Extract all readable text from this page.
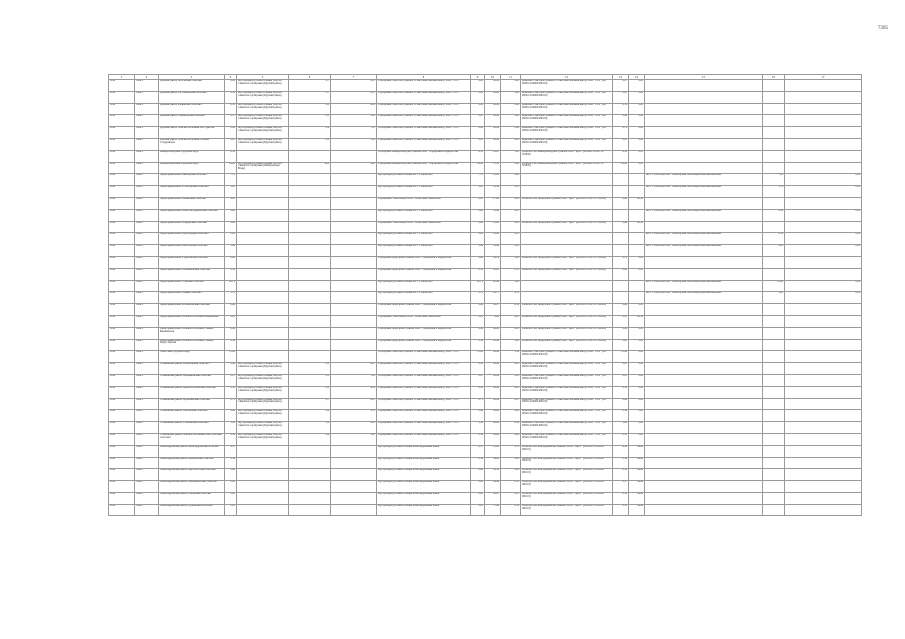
7395
1	2	3	4	5	6	7	8	9	10	11	12	13	14	15	16	17
2020	Зона 2	Курский район, Полтавский сельсовет	0,00	Мусороперегрузочная станция ТКО без элементов сортировки (Курский район)	0,7	41,5	Сортировка Советского района, г.Советский опытный центр, ООО "СТО"	0,00	82,24	0,00	Комплекс Советского района, г.Советский опытный центр, ООО "СТО" (26-00026-З-00606-080116)	0,07	0,00			
2020	Зона 2	Курский район, Ростовановский сельсовет	0,12	Мусороперегрузочная станция ТКО без элементов сортировки (Курский район)	0,7	61,1	Сортировка Советского района, г.Советский опытный центр, ООО "СТО"	0,22	82,24	0,04	Комплекс Советского района, г.Советский опытный центр, ООО "СТО" (26-00026-З-00606-080116)	0,25	0,00			
2020	Зона 2	Курский район, Рощинский сельсовет	0,35	Мусороперегрузочная станция ТКО без элементов сортировки (Курский район)	0,8	60,9	Сортировка Советского района, г.Советский опытный центр, ООО "СТО"	0,82	82,24	0,06	Комплекс Советского района, г.Советский опытный центр, ООО "СТО" (26-00026-З-00606-080116)	0,74	0,00			
2020	Зона 2	Курский район, Серноводский сельсовет	0,57	Мусороперегрузочная станция ТКО без элементов сортировки (Курский район)	0,5	53,0	Сортировка Советского района, г.Советский опытный центр, ООО "СТО"	0,67	82,24	0,06	Комплекс Советского района, г.Советский опытный центр, ООО "СТО" (26-00026-З-00606-080116)	0,46	0,00			
2020	Зона 2	Курский район, сельское поселение Ага Эдиссии	0,90	Мусороперегрузочная станция ТКО без элементов сортировки (Курский район)	0,9	71,5	Сортировка Советского района, г.Советский опытный центр, ООО "СТО"	0,82	82,24	0,06	Комплекс Советского района, г.Советский опытный центр, ООО "СТО" (26-00026-З-00606-080116)	0,72	0,00			
2020	Зона 2	Курский район, сельское поселение станица Стодеревская	0,23	Мусороперегрузочная станция ТКО без элементов сортировки (Курский район)	0,2	70,0	Сортировка Советского района, г.Советский опытный центр, ООО "СТО"	0,23	82,24	0,02	Комплекс Советского района, г.Советский опытный центр, ООО "СТО" (26-00026-З-00606-080116)	0,21	0,00			
2020	Зона 2	Минераловодский городской округ	6,10				Сортировка Минераловодского района ООО "Сортировка и переработка"	6,15	41,97	1,22	Полигон ТБО Минераловодского района, ООО "Арго" (26-00015-З-00751-310820)	6,30	0,21			
2020	Зона 2	Минераловодский городской округ	24,80	Мусороперегрузочная станция ТКО без элементов сортировки (Минеральные Воды)	24,8	26,0	Сортировка Минераловодского района ООО "Сортировка и переработка"	24,80	151,2	0,90	Полигон ТБО Минераловодского района, ООО "Арго" (26-00015-З-00751-310820)	28,80	0,21			
2020	Зона 2	Предгорный район, Винсадский сельсовет	7,71				Мусороперегрузочная станция МСТ г. Пятигорск	7,71	25,29	0,06				МСТ г. Пятигорск АО "Пятигорский теплоэнергетический комплекс"	7,92	0,00
2020	Зона 2	Предгорный район, Ессентукский сельсовет	5,25				Мусороперегрузочная станция МСТ г. Пятигорск	5,25	33,30	2,11				МСТ г. Пятигорск АО "Пятигорский теплоэнергетический комплекс"	3,76	0,00
2020	Зона 2	Предгорный район, Нежинский сельсовет	6,01				Сортировка г. Кисловодск ООО "Оборотные технологии"	6,01	17,60	0,22	Полигон ТБО Предгорного района, ООО "Арго" (26-00015-З-00751-310820)	6,40	26,52			
2020	Зона 2	Предгорный район, Новоблагодарненский сельсовет	0,68				Мусороперегрузочная станция МСТ г. Пятигорск	0,68	33,40	0,05				МСТ г. Пятигорск АО "Пятигорский теплоэнергетический комплекс"	0,38	0,00
2020	Зона 2	Предгорный район, Подкумский сельсовет	0,06				Сортировка г. Кисловодск ООО "Оборотные технологии"	0,06	25,00	0,02	Полигон ТБО Предгорного района, ООО "Арго" (26-00015-З-00751-310820)	0,49	26,52			
2020	Зона 2	Предгорный район, Пригородный сельсовет	0,02				Мусороперегрузочная станция МСТ г. Пятигорск	0,02	45,80	0,01				МСТ г. Пятигорск АО "Пятигорский теплоэнергетический комплекс"	0,32	0,00
2020	Зона 2	Предгорный район, Пятигорский сельсовет	1,04				Мусороперегрузочная станция МСТ г. Пятигорск	1,04	30,42	0,41				МСТ г. Пятигорск АО "Пятигорский теплоэнергетический комплекс"	0,62	0,00
2020	Зона 2	Предгорный район, Суворовский сельсовет	6,08				Сортировка Предгорного района ООО "Сортировка и переработка"	6,08	38,76	0,00	Полигон ТБО Предгорного района, ООО "Арго" (26-00015-З-00751-310820)	6,70	0,22			
2020	Зона 2	Предгорный район, Тельмановский сельсовет	0,12				Сортировка Предгорного района ООО "Сортировка и переработка"	0,12	20,61	0,11	Полигон ТБО Предгорного района, ООО "Арго" (26-00015-З-00751-310820)	0,62	0,22			
2020	Зона 2	Предгорный район, Этокский сельсовет	20,71				Мусороперегрузочная станция МСТ г. Пятигорск	20,71	20,89	0,20				МСТ г. Пятигорск АО "Пятигорский теплоэнергетический комплекс"	12,43	0,00
2020	Зона 2	Предгорный район, Юцкий сельсовет	1,70				Мусороперегрузочная станция МСТ г. Пятигорск	1,70	41,77	0,70				МСТ г. Пятигорск АО "Пятигорский теплоэнергетический комплекс"	1,05	0,00
2020	Зона 2	Предгорный район, Ясноказанский сельсовет	0,69				Сортировка Предгорного района ООО "Сортировка и переработка"	0,69	30,27	0,10	Полигон ТБО Предгорного района, ООО "Арго" (26-00015-З-00751-310820)	0,64	0,22			
2020	Зона 2	Предгорный район, сельское поселение Марьинский	0,21				Сортировка г. Кисловодск ООО "Оборотные технологии"	0,21	6,69	0,05	Полигон ТБО Предгорного района, ООО "Арго" (26-00015-З-00751-310820)	0,15	26,52			
2020	Зона 2	Предгорный район, сельское поселение станица Бекешевская	0,40				Сортировка Предгорного района ООО "Сортировка и переработка"	0,40	48,80	0,01	Полигон ТБО Предгорного района, ООО "Арго" (26-00015-З-00751-310820)	0,26	0,22			
2020	Зона 2	Предгорный район, сельское поселение станица Боргустанская	0,58				Сортировка Предгорного района ООО "Сортировка и переработка"	0,58	20,46	0,04	Полигон ТБО Предгорного района, ООО "Арго" (26-00015-З-00751-310820)	0,65	0,22			
2020	Зона 2	Советский городской округ	13,00				Сортировка Советского района, г.Советский опытный центр, ООО "СТО"	13,00	42,40	1,30	Комплекс Советского района, г.Советский опытный центр, ООО "СТО" (26-00026-З-00606-080116)	12,42	0,00			
2020	Зона 2	Степновский район, Богдановский сельсовет	0,42	Мусороперегрузочная станция ТКО без элементов сортировки (Курский район)	0,3	60,5	Сортировка Советского района, г.Советский опытный центр, ООО "СТО"	0,33	82,24	0,03	Комплекс Советского района, г.Советский опытный центр, ООО "СТО" (26-00026-З-00606-080116)	0,25	0,00			
2020	Зона 2	Степновский район, Варениковский сельсовет	0,27	Мусороперегрузочная станция ТКО без элементов сортировки (Курский район)	0,3	70,0	Сортировка Советского района, г.Советский опытный центр, ООО "СТО"	0,27	82,24	0,02	Комплекс Советского района, г.Советский опытный центр, ООО "СТО" (26-00026-З-00606-080116)	0,25	0,00			
2020	Зона 2	Степновский район, Верхнестепновский сельсовет	0,33	Мусороперегрузочная станция ТКО без элементов сортировки (Курский район)	0,3	45,4	Сортировка Советского района, г.Советский опытный центр, ООО "СТО"	0,33	82,24	0,03	Комплекс Советского района, г.Советский опытный центр, ООО "СТО" (26-00026-З-00606-080116)	0,30	0,00			
2020	Зона 2	Степновский район, Иргаклинский сельсовет	0,71	Мусороперегрузочная станция ТКО без элементов сортировки (Курский район)	0,7	60,1	Сортировка Советского района, г.Советский опытный центр, ООО "СТО"	0,71	82,24	0,07	Комплекс Советского района, г.Советский опытный центр, ООО "СТО" (26-00026-З-00606-080116)	0,64	0,00			
2020	Зона 2	Степновский район, Ольгинский сельсовет	0,40	Мусороперегрузочная станция ТКО без элементов сортировки (Курский район)	0,4	47,0	Сортировка Советского района, г.Советский опытный центр, ООО "СТО"	0,40	82,24	0,04	Комплекс Советского района, г.Советский опытный центр, ООО "СТО" (26-00026-З-00606-080116)	0,36	0,00			
2020	Зона 2	Степновский район, Степновский сельсовет	1,30	Мусороперегрузочная станция ТКО без элементов сортировки (Курский район)	1,4	60,2	Сортировка Советского района, г.Советский опытный центр, ООО "СТО"	1,30	82,24	0,14	Комплекс Советского района, г.Советский опытный центр, ООО "СТО" (26-00026-З-00606-080116)	1,24	0,00			
2020	Зона 2	Степновский район, сельское поселение Озек Суатский сельсовет	0,38	Мусороперегрузочная станция ТКО без элементов сортировки (Курский район)	0,4	34,5	Сортировка Советского района, г.Советский опытный центр, ООО "СТО"	0,38	82,24	0,04	Комплекс Советского района, г.Советский опытный центр, ООО "СТО" (26-00026-З-00606-080116)	0,35	0,00			
2020	Зона 3	Александровский район, Александровский сельсовет	6,37				Мусороперегрузочная станция Александровский район	6,37	25,28	2,70	Полигон ТБО Благодарненского района, ООО "Экрос" (26-00025-З-00006-090118)	4,16	84,89			
2020	Зона 3	Александровский район, Калиновский сельсовет	0,56				Мусороперегрузочная станция Александровский район	0,56	34,26	0,20	Полигон ТБО Благодарненского района, ООО "Экрос" (26-00025-З-00006-090118)	0,34	84,89			
2020	Зона 3	Александровский район, Круглолесский сельсовет	0,60				Мусороперегрузочная станция Александровский район	0,60	38,59	0,24	Полигон ТБО Благодарненского района, ООО "Экрос" (26-00025-З-00006-090118)	0,36	84,89			
2020	Зона 3	Александровский район, Новокавказский сельсовет	0,28				Мусороперегрузочная станция Александровский район	0,28	49,99	0,11	Полигон ТБО Благодарненского района, ООО "Экрос" (26-00025-З-00006-090118)	0,17	84,89			
2020	Зона 3	Александровский район, Садовский сельсовет	0,63				Мусороперегрузочная станция Александровский район	0,63	40,47	0,25	Полигон ТБО Благодарненского района, ООО "Экрос" (26-00025-З-00006-090118)	0,38	84,89			
2020	Зона 3	Александровский район, Грушевский сельсовет	0,25				Мусороперегрузочная станция Александровский район	0,25	57,98	0,10	Полигон ТБО Благодарненского района, ООО "Экрос" (26-00025-З-00006-090118)	0,15	84,89			
